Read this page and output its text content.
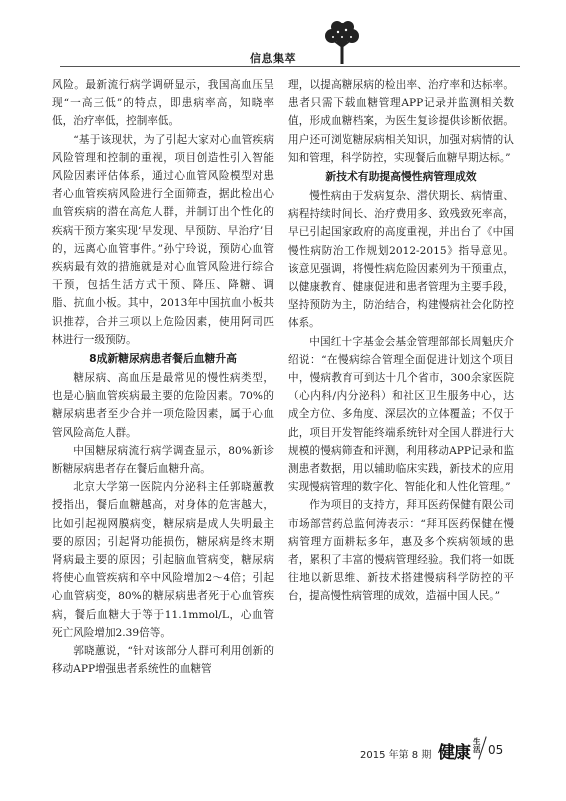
信息集萃

风险。最新流行病学调研显示，我国高血压呈现“一高三低”的特点，即患病率高，知晓率低，治疗率低，控制率低。

“基于该现状，为了引起大家对心血管疾病风险管理和控制的重视，项目创造性引入智能风险因素评估体系，通过心血管风险模型对患者心血管疾病风险进行全面筛查，据此检出心血管疾病的潜在高危人群，并制订出个性化的疾病干预方案实现‘早发现、早预防、早治疗’目的，远离心血管事件。”孙宁玲说，预防心血管疾病最有效的措施就是对心血管风险进行综合干预，包括生活方式干预、降压、降糖、调脂、抗血小板。其中，2013年中国抗血小板共识推荐，合并三项以上危险因素，使用阿司匹林进行一级预防。

8成新糖尿病患者餐后血糖升高

糖尿病、高血压是最常见的慢性病类型，也是心脑血管疾病最主要的危险因素。70%的糖尿病患者至少合并一项危险因素，属于心血管风险高危人群。

中国糖尿病流行病学调查显示，80%新诊断糖尿病患者存在餐后血糖升高。

北京大学第一医院内分泌科主任郭晓蕙教授指出，餐后血糖越高，对身体的危害越大，比如引起视网膜病变，糖尿病是成人失明最主要的原因；引起肾功能损伤，糖尿病是终末期肾病最主要的原因；引起脑血管病变，糖尿病将使心血管疾病和卒中风险增加2～4倍；引起心血管病变，80%的糖尿病患者死于心血管疾病，餐后血糖大于等于11.1mmol/L，心血管死亡风险增加2.39倍等。

郭晓蕙说，“针对该部分人群可利用创新的移动APP增强患者系统性的血糖管

理，以提高糖尿病的检出率、治疗率和达标率。患者只需下载血糖管理APP记录并监测相关数值，形成血糖档案，为医生复诊提供诊断依据。用户还可浏览糖尿病相关知识，加强对病情的认知和管理，科学防控，实现餐后血糖早期达标。”

新技术有助提高慢性病管理成效

慢性病由于发病复杂、潜伏期长、病情重、病程持续时间长、治疗费用多、致残致死率高，早已引起国家政府的高度重视，并出台了《中国慢性病防治工作规划2012-2015》指导意见。该意见强调，将慢性病危险因素列为干预重点，以健康教育、健康促进和患者管理为主要手段，坚持预防为主，防治结合，构建慢病社会化防控体系。

中国红十字基金会基金管理部部长周魁庆介绍说：“在慢病综合管理全面促进计划这个项目中，慢病教育可到达十几个省市，300余家医院（心内科/内分泌科）和社区卫生服务中心，达成全方位、多角度、深层次的立体覆盖；不仅于此，项目开发智能终端系统针对全国人群进行大规模的慢病筛查和评测，利用移动APP记录和监测患者数据，用以辅助临床实践，新技术的应用实现慢病管理的数字化、智能化和人性化管理。”

作为项目的支持方，拜耳医药保健有限公司市场部营药总监何涛表示：“拜耳医药保健在慢病管理方面耕耘多年，惠及多个疾病领域的患者，累积了丰富的慢病管理经验。我们将一如既往地以新思维、新技术搭建慢病科学防控的平台，提高慢性病管理的成效，造福中国人民。”

2015 年第 8 期 健康
生活 05
